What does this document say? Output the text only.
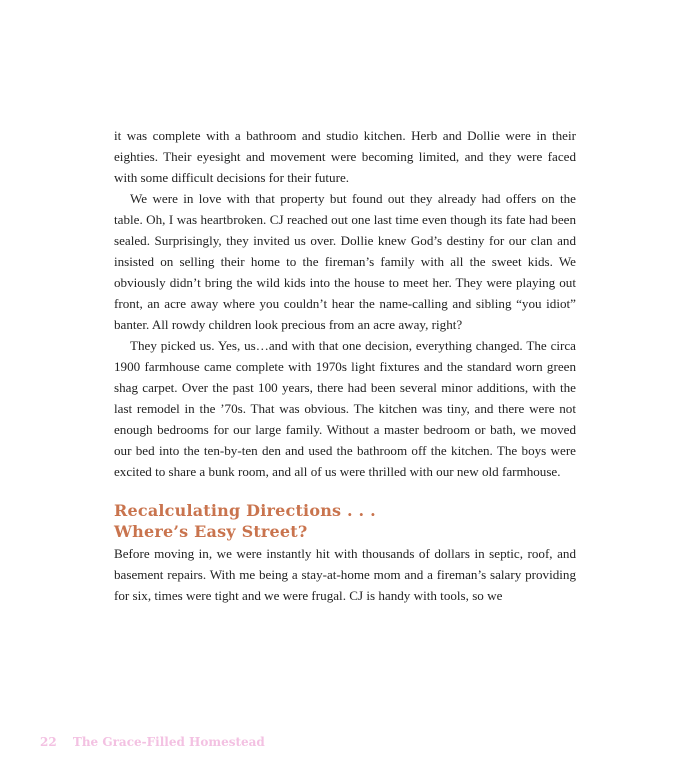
it was complete with a bathroom and studio kitchen. Herb and Dollie were in their eighties. Their eyesight and movement were becoming limited, and they were faced with some difficult decisions for their future.

We were in love with that property but found out they already had offers on the table. Oh, I was heartbroken. CJ reached out one last time even though its fate had been sealed. Surprisingly, they invited us over. Dollie knew God’s destiny for our clan and insisted on selling their home to the fireman’s family with all the sweet kids. We obviously didn’t bring the wild kids into the house to meet her. They were playing out front, an acre away where you couldn’t hear the name-calling and sibling “you idiot” banter. All rowdy children look precious from an acre away, right?

They picked us. Yes, us…and with that one decision, everything changed. The circa 1900 farmhouse came complete with 1970s light fixtures and the standard worn green shag carpet. Over the past 100 years, there had been several minor additions, with the last remodel in the ’70s. That was obvious. The kitchen was tiny, and there were not enough bedrooms for our large family. Without a master bedroom or bath, we moved our bed into the ten-by-ten den and used the bathroom off the kitchen. The boys were excited to share a bunk room, and all of us were thrilled with our new old farmhouse.

Recalculating Directions . . .
Where’s Easy Street?

Before moving in, we were instantly hit with thousands of dollars in septic, roof, and basement repairs. With me being a stay-at-home mom and a fireman’s salary providing for six, times were tight and we were frugal. CJ is handy with tools, so we

22 The Grace-Filled Homestead
